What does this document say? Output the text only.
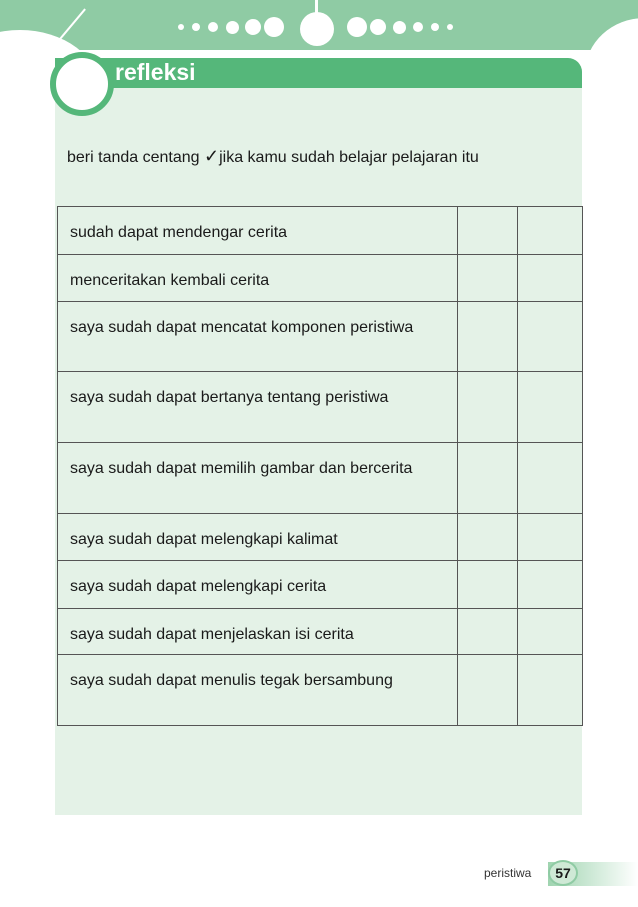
refleksi
beri tanda centang ✓jika kamu sudah belajar pelajaran itu
sudah dapat mendengar cerita		
menceritakan kembali cerita		
saya sudah dapat mencatat komponen peristiwa		
saya sudah dapat bertanya tentang peristiwa		
saya sudah dapat memilih gambar dan bercerita		
saya sudah dapat melengkapi kalimat		
saya sudah dapat melengkapi cerita		
saya sudah dapat menjelaskan isi cerita		
saya sudah dapat menulis tegak bersambung		
peristiwa	57
